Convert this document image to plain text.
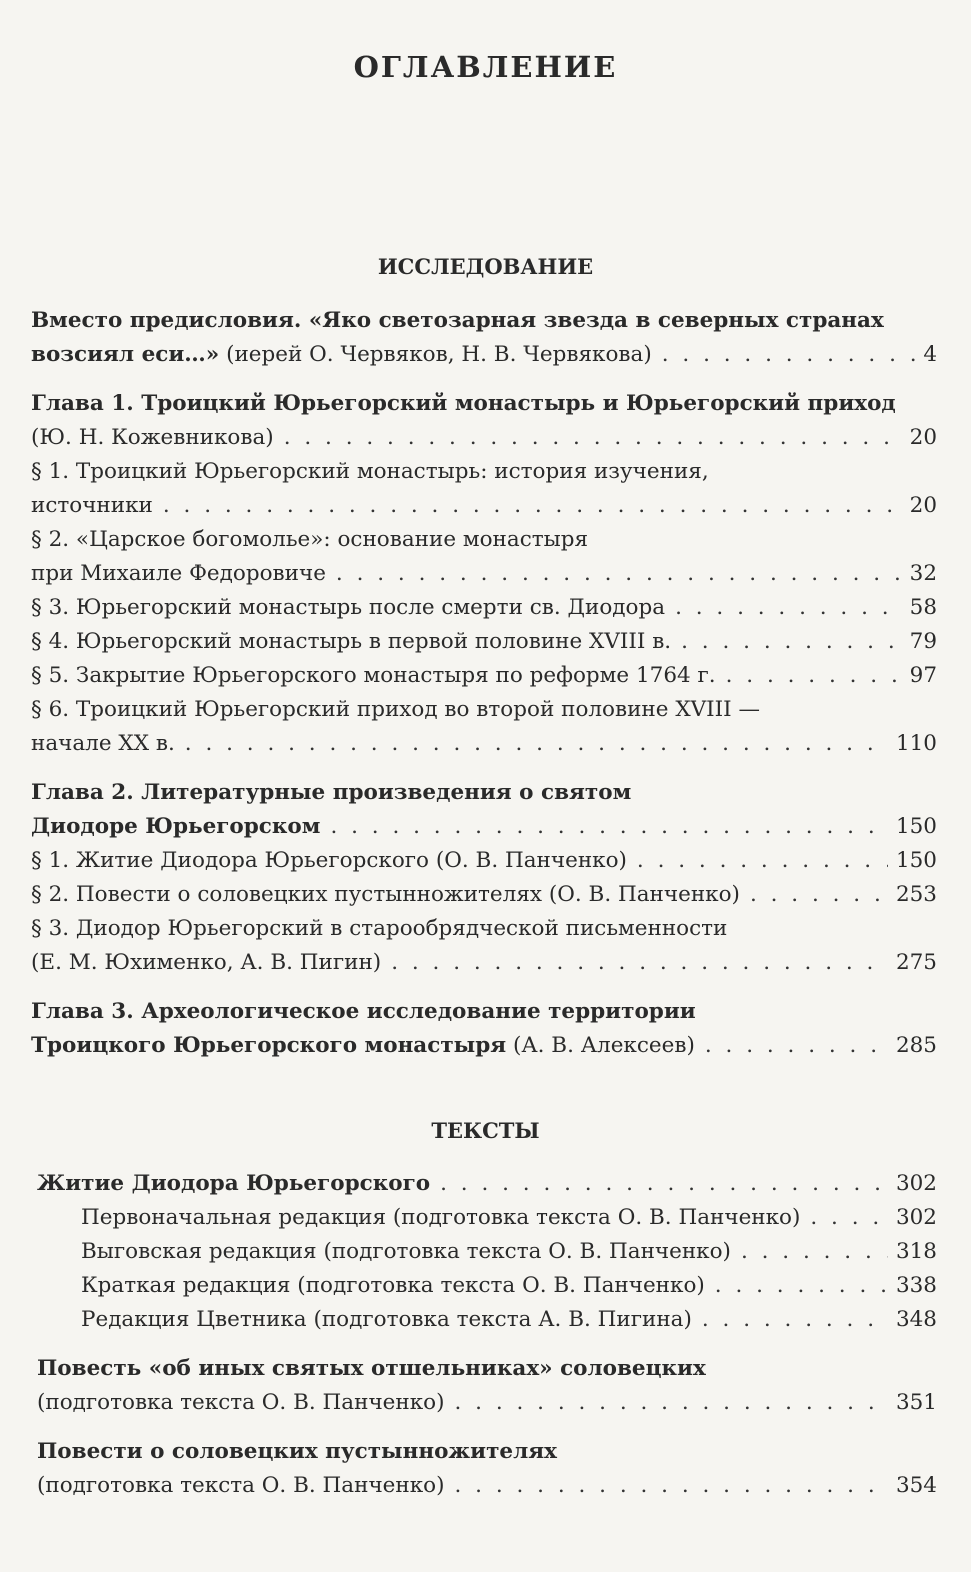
ОГЛАВЛЕНИЕ
ИССЛЕДОВАНИЕ
Вместо предисловия. «Яко светозарная звезда в северных странах
возсиял еси…» (иерей О. Червяков, Н. В. Червякова) . . .	4
Глава 1. Троицкий Юрьегорский монастырь и Юрьегорский приход
(Ю. Н. Кожевникова) . . .	20
§ 1. Троицкий Юрьегорский монастырь: история изучения,
источники . . .	20
§ 2. «Царское богомолье»: основание монастыря
при Михаиле Федоровиче . . .	32
§ 3. Юрьегорский монастырь после смерти св. Диодора . . .	58
§ 4. Юрьегорский монастырь в первой половине XVIII в. . . .	79
§ 5. Закрытие Юрьегорского монастыря по реформе 1764 г. . . .	97
§ 6. Троицкий Юрьегорский приход во второй половине XVIII —
начале XX в. . . .	110
Глава 2. Литературные произведения о святом
Диодоре Юрьегорском . . .	150
§ 1. Житие Диодора Юрьегорского (О. В. Панченко) . . .	150
§ 2. Повести о соловецких пустынножителях (О. В. Панченко) . . .	253
§ 3. Диодор Юрьегорский в старообрядческой письменности
(Е. М. Юхименко, А. В. Пигин) . . .	275
Глава 3. Археологическое исследование территории
Троицкого Юрьегорского монастыря (А. В. Алексеев) . . .	285
ТЕКСТЫ
Житие Диодора Юрьегорского . . .	302
Первоначальная редакция (подготовка текста О. В. Панченко) . . .	302
Выговская редакция (подготовка текста О. В. Панченко) . . .	318
Краткая редакция (подготовка текста О. В. Панченко) . . .	338
Редакция Цветника (подготовка текста А. В. Пигина) . . .	348
Повесть «об иных святых отшельниках» соловецких
(подготовка текста О. В. Панченко) . . .	351
Повести о соловецких пустынножителях
(подготовка текста О. В. Панченко) . . .	354
